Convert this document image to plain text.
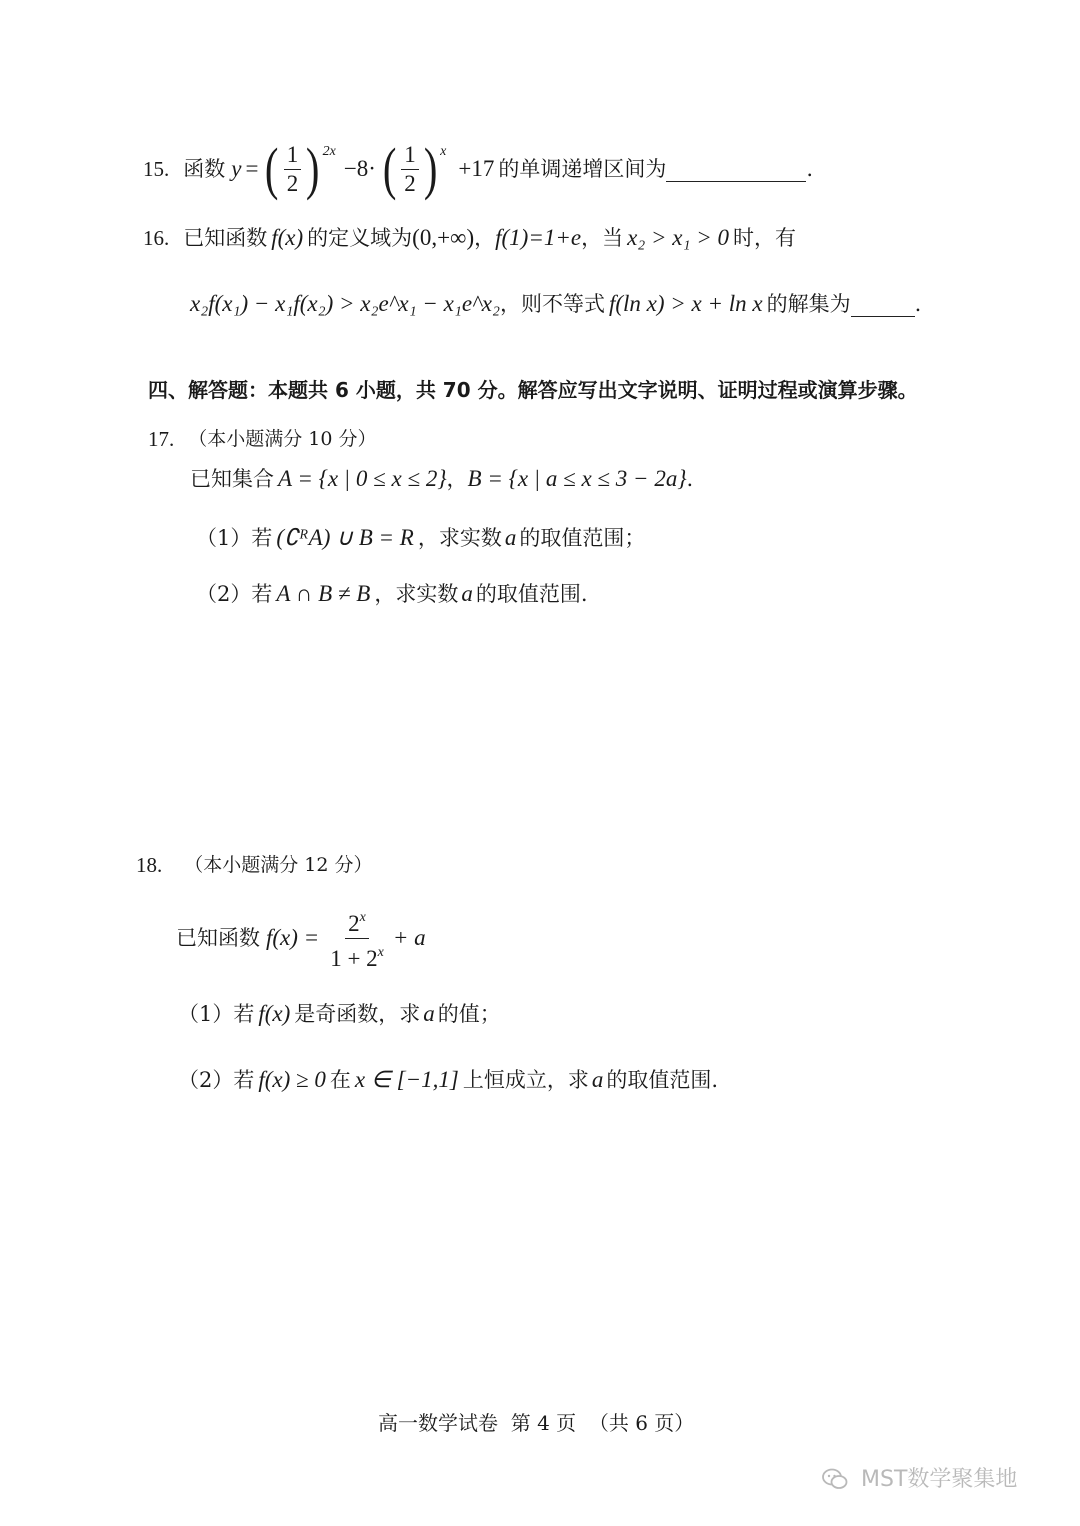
15. 函数 y = ( $\frac{1}{2}$ ) 2x
−8· ( $\frac{1}{2}$ ) x
+17 的单调递增区间为	.
16. 已知函数 f(x) 的定义域为 (0,+∞) ， f(1)=1+e ，当 x₂ > x₁ > 0 时，有
x₂f(x₁) − x₁f(x₂) > x₂e^x₁ − x₁e^x₂ ，则不等式 f(ln x) > x + ln x 的解集为	.
四、解答题：本题共 6 小题，共 70 分。解答应写出文字说明、证明过程或演算步骤。
17. （本小题满分 10 分）
已知集合 A = {x | 0 ≤ x ≤ 2} ， B = {x | a ≤ x ≤ 3 − 2a} .
（1）若 (∁ᴿA) ∪ B = R ，求实数 a 的取值范围；
（2）若 A ∩ B ≠ B ，求实数 a 的取值范围.
18. （本小题满分 12 分）
已知函数 $f(x) = \frac{2^x}{1 + 2^x} + a$
（1）若 f(x) 是奇函数，求 a 的值；
（2）若 f(x) ≥ 0 在 x ∈ [−1,1] 上恒成立，求 a 的取值范围.
高一数学试卷  第 4 页  （共 6 页）
MST数学聚集地
